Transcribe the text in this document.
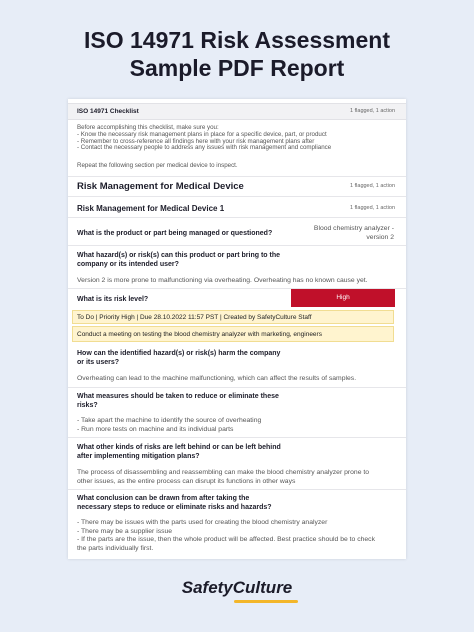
ISO 14971 Risk Assessment
Sample PDF Report
ISO 14971 Checklist	1 flagged, 1 action
Before accomplishing this checklist, make sure you:
- Know the necessary risk management plans in place for a specific device, part, or product
- Remember to cross-reference all findings here with your risk management plans after
- Contact the necessary people to address any issues with risk management and compliance
Repeat the following section per medical device to inspect.
Risk Management for Medical Device	1 flagged, 1 action
Risk Management for Medical Device 1	1 flagged, 1 action
What is the product or part being managed or questioned?
Blood chemistry analyzer -
version 2
What hazard(s) or risk(s) can this product or part bring to the
company or its intended user?
Version 2 is more prone to malfunctioning via overheating. Overheating has no known cause yet.
What is its risk level?	High
To Do | Priority High | Due 28.10.2022 11:57 PST | Created by SafetyCulture Staff
Conduct a meeting on testing the blood chemistry analyzer with marketing, engineers
How can the identified hazard(s) or risk(s) harm the company
or its users?
Overheating can lead to the machine malfunctioning, which can affect the results of samples.
What measures should be taken to reduce or eliminate these
risks?
- Take apart the machine to identify the source of overheating
- Run more tests on machine and its individual parts
What other kinds of risks are left behind or can be left behind
after implementing mitigation plans?
The process of disassembling and reassembling can make the blood chemistry analyzer prone to
other issues, as the entire process can disrupt its functions in other ways
What conclusion can be drawn from after taking the
necessary steps to reduce or eliminate risks and hazards?
- There may be issues with the parts used for creating the blood chemistry analyzer
- There may be a supplier issue
- If the parts are the issue, then the whole product will be affected. Best practice should be to check
the parts individually first.
SafetyCulture
